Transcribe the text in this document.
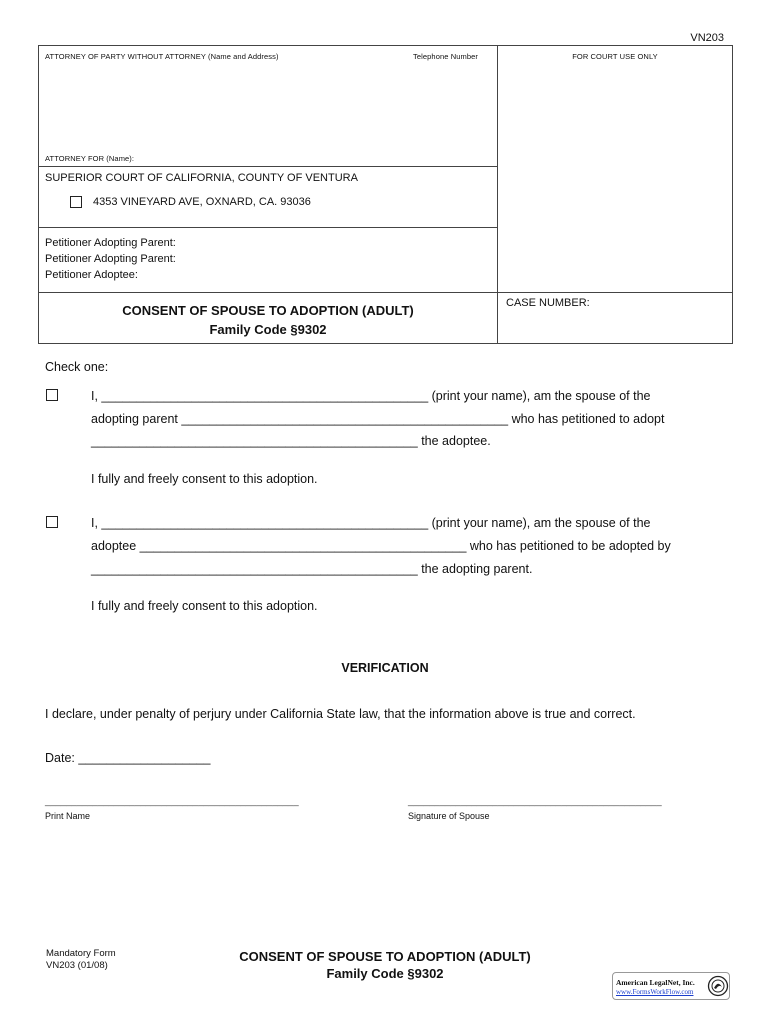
VN203
ATTORNEY OF PARTY WITHOUT ATTORNEY (Name and Address)	Telephone Number
ATTORNEY FOR (Name):
FOR COURT USE ONLY
SUPERIOR COURT OF CALIFORNIA, COUNTY OF VENTURA
4353 VINEYARD AVE, OXNARD, CA. 93036
Petitioner Adopting Parent:
Petitioner Adopting Parent:
Petitioner Adoptee:
CONSENT OF SPOUSE TO ADOPTION (ADULT)
Family Code §9302
CASE NUMBER:
Check one:
I, _______________________________________________ (print your name), am the spouse of the
adopting parent _______________________________________________ who has petitioned to adopt
_______________________________________________ the adoptee.
I fully and freely consent to this adoption.
I, _______________________________________________ (print your name), am the spouse of the
adoptee _______________________________________________ who has petitioned to be adopted by
_______________________________________________ the adopting parent.
I fully and freely consent to this adoption.
VERIFICATION
I declare, under penalty of perjury under California State law, that the information above is true and correct.
Date: ___________________
________________________________________________
Print Name
________________________________________________
Signature of Spouse
Mandatory Form
VN203 (01/08)
CONSENT OF SPOUSE TO ADOPTION (ADULT)
Family Code §9302
American LegalNet, Inc.
www.FormsWorkFlow.com
